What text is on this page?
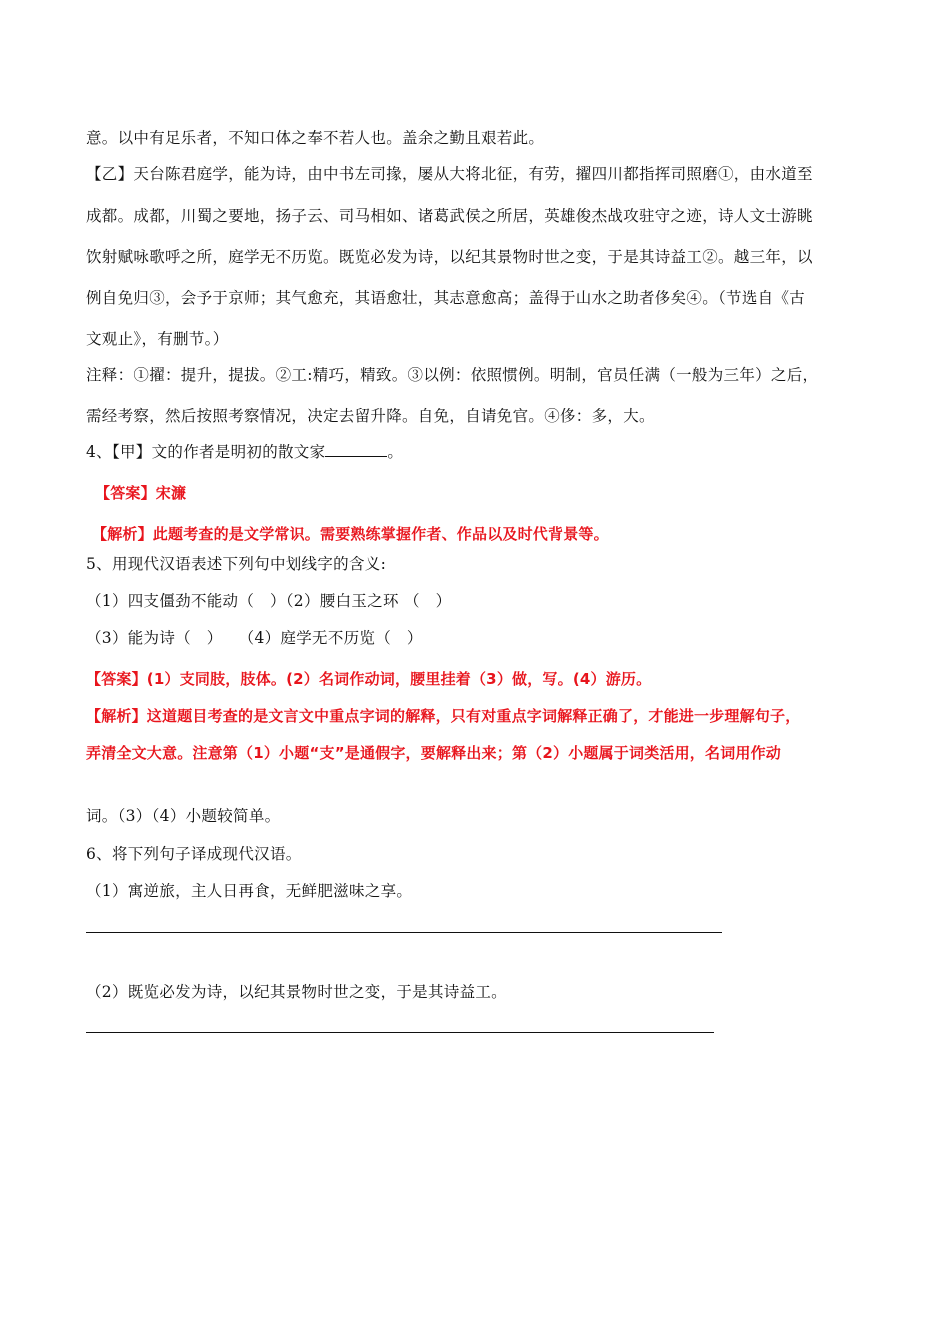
意。以中有足乐者，不知口体之奉不若人也。盖余之勤且艰若此。
【乙】天台陈君庭学，能为诗，由中书左司掾，屡从大将北征，有劳，擢四川都指挥司照磨①，由水道至
成都。成都，川蜀之要地，扬子云、司马相如、诸葛武侯之所居，英雄俊杰战攻驻守之迹，诗人文士游眺
饮射赋咏歌呼之所，庭学无不历览。既览必发为诗，以纪其景物时世之变，于是其诗益工②。越三年，以
例自免归③，会予于京师；其气愈充，其语愈壮，其志意愈高；盖得于山水之助者侈矣④。（节选自《古
文观止》，有删节。）
注释：①擢：提升，提拔。②工:精巧，精致。③以例：依照惯例。明制，官员任满（一般为三年）之后，
需经考察，然后按照考察情况，决定去留升降。自免，自请免官。④侈：多，大。
4、【甲】文的作者是明初的散文家	。
【答案】宋濂
【解析】此题考查的是文学常识。需要熟练掌握作者、作品以及时代背景等。
5、用现代汉语表述下列句中划线字的含义:
（1）四支僵劲不能动（　）（2）腰白玉之环 （　）
（3）能为诗（　）　　（4）庭学无不历览（　）
【答案】(1）支同肢，肢体。(2）名词作动词，腰里挂着（3）做，写。(4）游历。
【解析】这道题目考查的是文言文中重点字词的解释，只有对重点字词解释正确了，才能进一步理解句子，
弄清全文大意。注意第（1）小题“支”是通假字，要解释出来；第（2）小题属于词类活用，名词用作动
词。（3）（4）小题较简单。
6、将下列句子译成现代汉语。
（1）寓逆旅，主人日再食，无鲜肥滋味之享。
（2）既览必发为诗，以纪其景物时世之变，于是其诗益工。
